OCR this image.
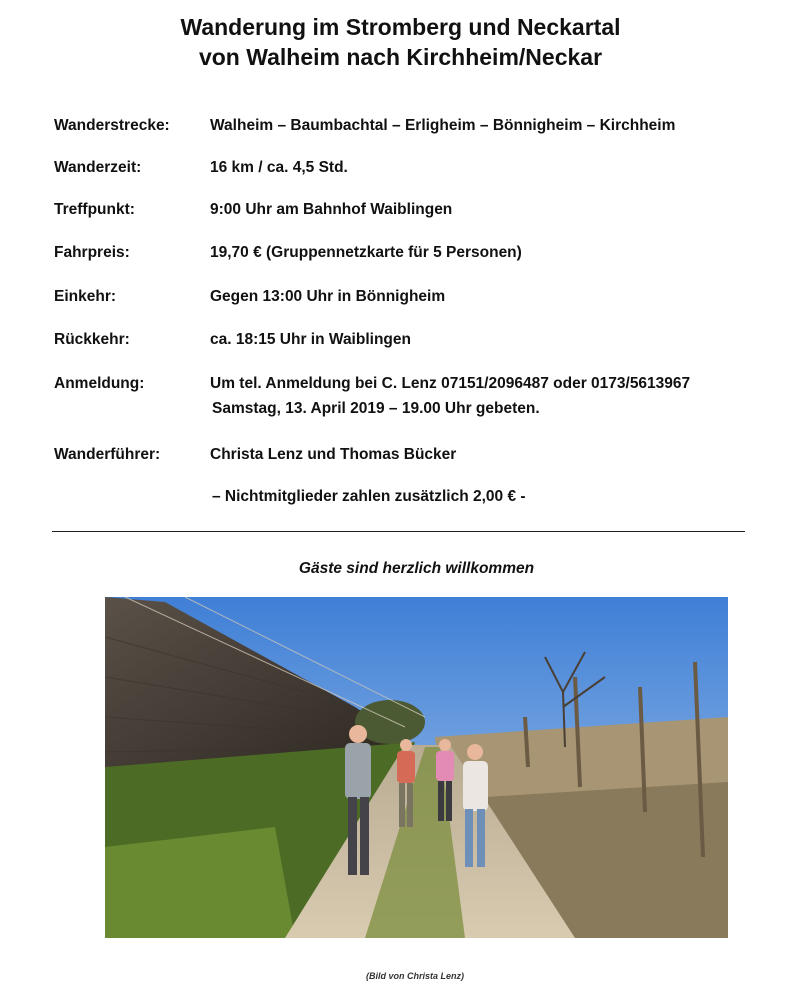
Wanderung im Stromberg und Neckartal
von Walheim nach Kirchheim/Neckar
Wanderstrecke:	Walheim – Baumbachtal – Erligheim – Bönnigheim – Kirchheim
Wanderzeit:	16 km / ca. 4,5 Std.
Treffpunkt:	9:00 Uhr am Bahnhof Waiblingen
Fahrpreis:	19,70 € (Gruppennetzkarte für 5 Personen)
Einkehr:	Gegen 13:00 Uhr in Bönnigheim
Rückkehr:	ca. 18:15 Uhr in Waiblingen
Anmeldung:	Um tel. Anmeldung bei C. Lenz 07151/2096487 oder 0173/5613967
Samstag, 13. April 2019 – 19.00 Uhr gebeten.
Wanderführer:	Christa Lenz und Thomas Bücker
– Nichtmitglieder zahlen zusätzlich 2,00 € -
Gäste sind herzlich willkommen
(Bild von Christa Lenz)
